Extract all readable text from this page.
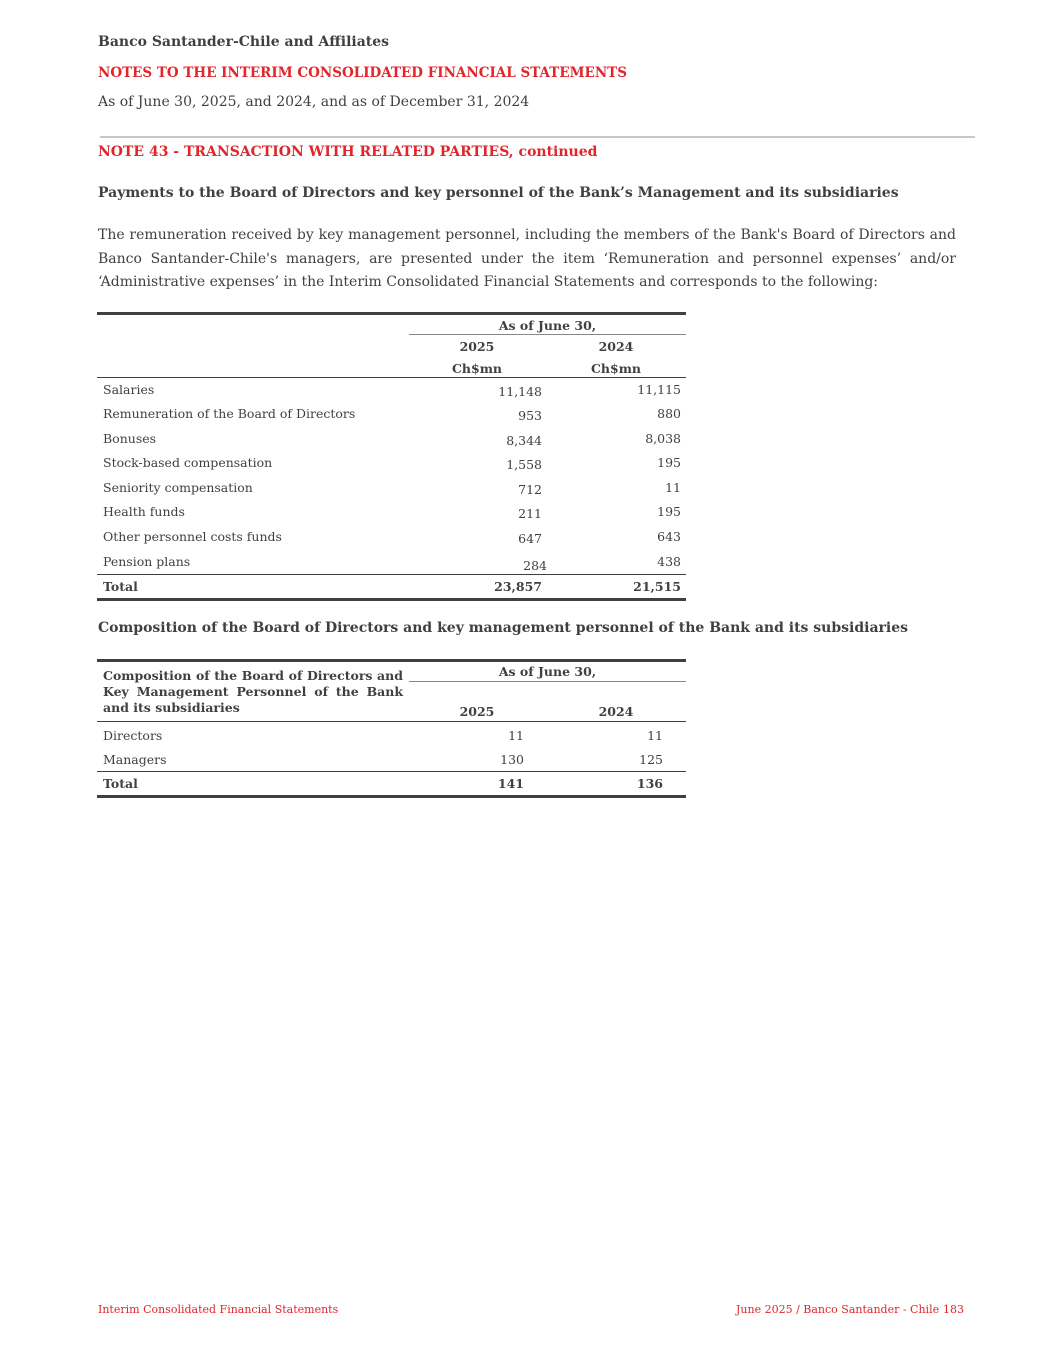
Banco Santander-Chile and Affiliates
NOTES TO THE INTERIM CONSOLIDATED FINANCIAL STATEMENTS
As of June 30, 2025, and 2024, and as of December 31, 2024
NOTE 43 - TRANSACTION WITH RELATED PARTIES, continued
Payments to the Board of Directors and key personnel of the Bank’s Management and its subsidiaries
The remuneration received by key management personnel, including the members of the Bank's Board of Directors and Banco Santander-Chile's managers, are presented under the item ‘Remuneration and personnel expenses’ and/or ‘Administrative expenses’ in the Interim Consolidated Financial Statements and corresponds to the following:
As of June 30,
2025	2024
Ch$mn	Ch$mn
Salaries	11,148	11,115
Remuneration of the Board of Directors	953	880
Bonuses	8,344	8,038
Stock-based compensation	1,558	195
Seniority compensation	712	11
Health funds	211	195
Other personnel costs funds	647	643
Pension plans	284	438
Total	23,857	21,515
Composition of the Board of Directors and key management personnel of the Bank and its subsidiaries
Composition of the Board of Directors and Key Management Personnel of the Bank and its subsidiaries
As of June 30,
2025	2024
Directors	11	11
Managers	130	125
Total	141	136
Interim Consolidated Financial Statements	June 2025 / Banco Santander - Chile 183
